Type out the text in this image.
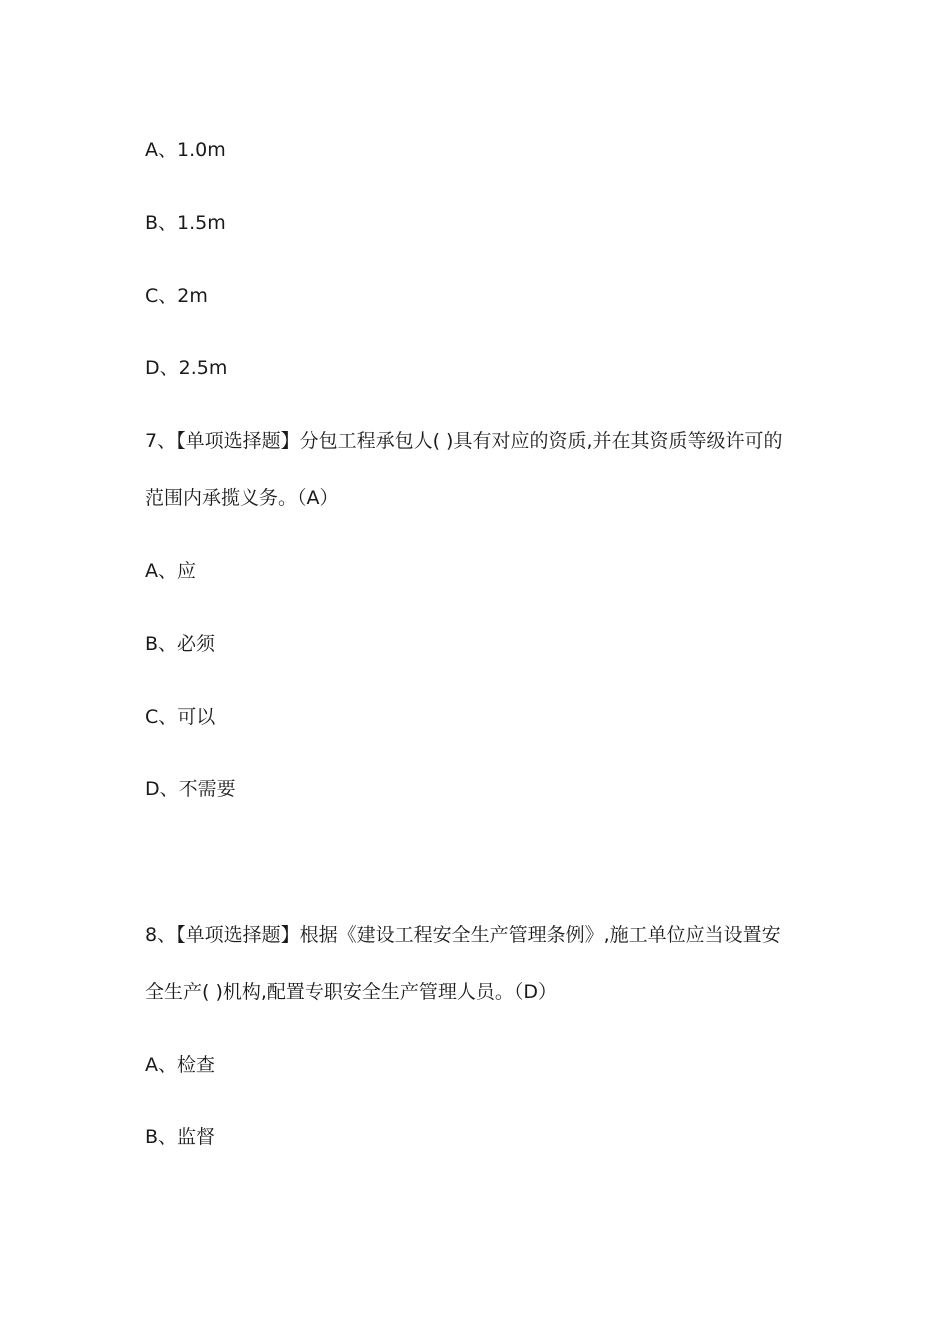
A、1.0m
B、1.5m
C、2m
D、2.5m
7、【单项选择题】分包工程承包人( )具有对应的资质,并在其资质等级许可的
范围内承揽义务。（A）
A、应
B、必须
C、可以
D、不需要
8、【单项选择题】根据《建设工程安全生产管理条例》,施工单位应当设置安
全生产( )机构,配置专职安全生产管理人员。（D）
A、检查
B、监督
